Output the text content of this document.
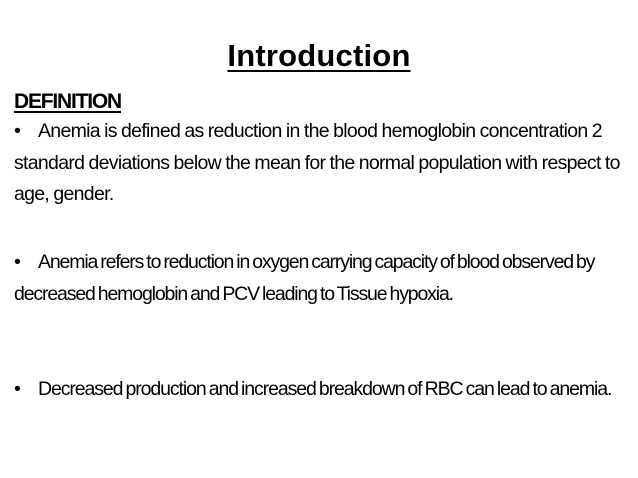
Introduction
DEFINITION
• Anemia is defined as reduction in the blood hemoglobin concentration 2 standard deviations below the mean for the normal population with respect to age, gender.
• Anemia refers to reduction in oxygen carrying capacity of blood observed by decreased hemoglobin and PCV leading to Tissue hypoxia.
• Decreased production and increased breakdown of RBC can lead to anemia.
